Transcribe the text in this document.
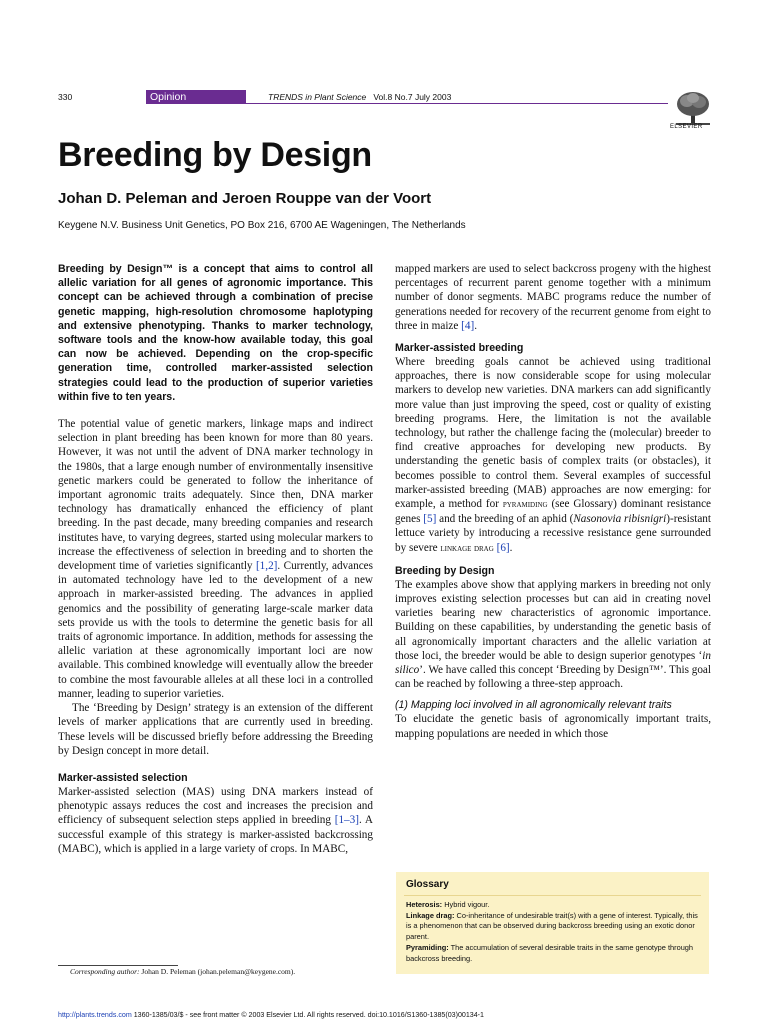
330	Opinion	TRENDS in Plant Science Vol.8 No.7 July 2003
ELSEVIER
Breeding by Design
Johan D. Peleman and Jeroen Rouppe van der Voort
Keygene N.V. Business Unit Genetics, PO Box 216, 6700 AE Wageningen, The Netherlands

Breeding by Design™ is a concept that aims to control all allelic variation for all genes of agronomic importance. This concept can be achieved through a combination of precise genetic mapping, high-resolution chromosome haplotyping and extensive phenotyping. Thanks to marker technology, software tools and the know-how available today, this goal can now be achieved. Depending on the crop-specific generation time, controlled marker-assisted selection strategies could lead to the production of superior varieties within five to ten years.

The potential value of genetic markers, linkage maps and indirect selection in plant breeding has been known for more than 80 years. However, it was not until the advent of DNA marker technology in the 1980s, that a large enough number of environmentally insensitive genetic markers could be generated to follow the inheritance of important agronomic traits adequately. Since then, DNA marker technology has dramatically enhanced the efficiency of plant breeding. In the past decade, many breeding companies and research institutes have, to varying degrees, started using molecular markers to increase the effectiveness of selection in breeding and to shorten the development time of varieties significantly [1,2]. Currently, advances in automated technology have led to the development of a new approach in marker-assisted breeding. The advances in applied genomics and the possibility of generating large-scale marker data sets provide us with the tools to determine the genetic basis for all traits of agronomic importance. In addition, methods for assessing the allelic variation at these agronomically important loci are now available. This combined knowledge will eventually allow the breeder to combine the most favourable alleles at all these loci in a controlled manner, leading to superior varieties.

The ‘Breeding by Design’ strategy is an extension of the different levels of marker applications that are currently used in breeding. These levels will be discussed briefly before addressing the Breeding by Design concept in more detail.

Marker-assisted selection

Marker-assisted selection (MAS) using DNA markers instead of phenotypic assays reduces the cost and increases the precision and efficiency of subsequent selection steps applied in breeding [1–3]. A successful example of this strategy is marker-assisted backcrossing (MABC), which is applied in a large variety of crops. In MABC,

mapped markers are used to select backcross progeny with the highest percentages of recurrent parent genome together with a minimum number of donor segments. MABC programs reduce the number of generations needed for recovery of the recurrent genome from eight to three in maize [4].

Marker-assisted breeding

Where breeding goals cannot be achieved using traditional approaches, there is now considerable scope for using molecular markers to develop new varieties. DNA markers can add significantly more value than just improving the speed, cost or quality of existing breeding programs. Here, the limitation is not the available technology, but rather the challenge facing the (molecular) breeder to find creative approaches for developing new products. By understanding the genetic basis of complex traits (or obstacles), it becomes possible to control them. Several examples of successful marker-assisted breeding (MAB) approaches are now emerging: for example, a method for pyramiding (see Glossary) dominant resistance genes [5] and the breeding of an aphid (Nasonovia ribisnigri)-resistant lettuce variety by introducing a recessive resistance gene surrounded by severe linkage drag [6].

Breeding by Design

The examples above show that applying markers in breeding not only improves existing selection processes but can aid in creating novel varieties bearing new characteristics of agronomic importance. Building on these capabilities, by understanding the genetic basis of all agronomically important characters and the allelic variation at those loci, the breeder would be able to design superior genotypes ‘in silico’. We have called this concept ‘Breeding by Design™’. This goal can be reached by following a three-step approach.

(1) Mapping loci involved in all agronomically relevant traits

To elucidate the genetic basis of agronomically important traits, mapping populations are needed in which those

Glossary
Heterosis: Hybrid vigour.
Linkage drag: Co-inheritance of undesirable trait(s) with a gene of interest. Typically, this is a phenomenon that can be observed during backcross breeding using an exotic donor parent.
Pyramiding: The accumulation of several desirable traits in the same genotype through backcross breeding.
Corresponding author: Johan D. Peleman (johan.peleman@keygene.com).
http://plants.trends.com 1360-1385/03/$ - see front matter © 2003 Elsevier Ltd. All rights reserved. doi:10.1016/S1360-1385(03)00134-1
